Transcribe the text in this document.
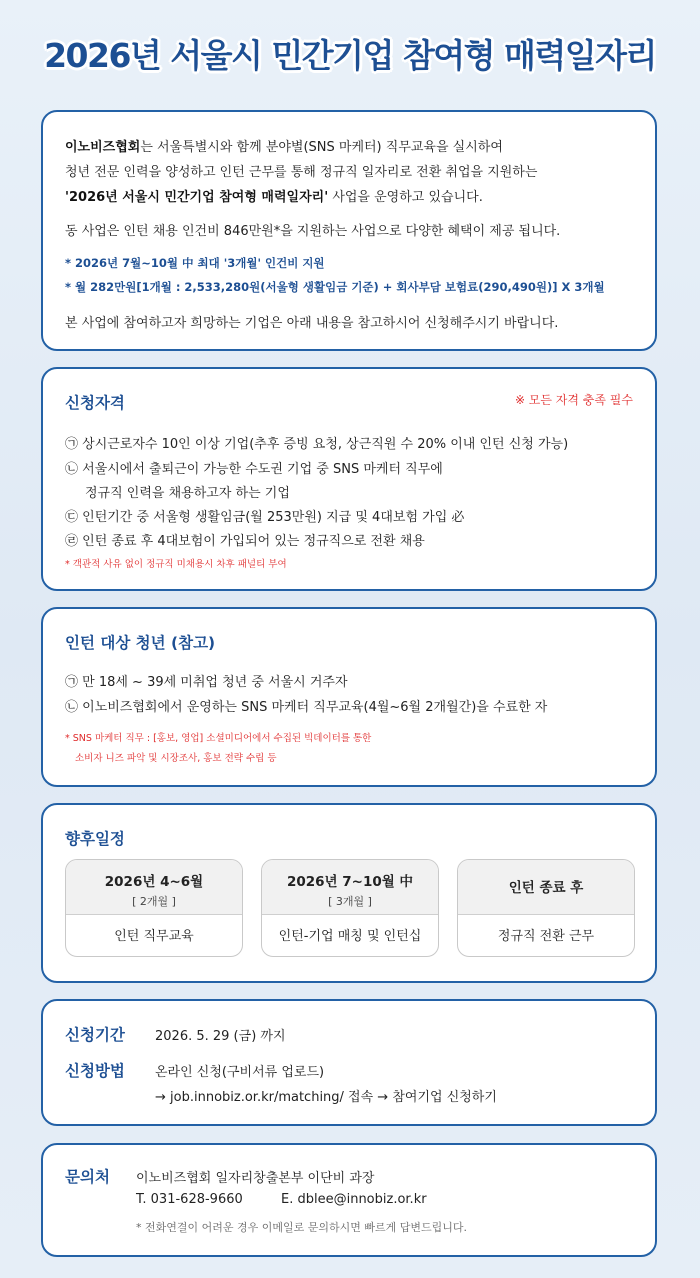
2026년 서울시 민간기업 참여형 매력일자리
이노비즈협회는 서울특별시와 함께 분야별(SNS 마케터) 직무교육을 실시하여
청년 전문 인력을 양성하고 인턴 근무를 통해 정규직 일자리로 전환 취업을 지원하는
'2026년 서울시 민간기업 참여형 매력일자리' 사업을 운영하고 있습니다.
동 사업은 인턴 채용 인건비 846만원*을 지원하는 사업으로 다양한 혜택이 제공 됩니다.
* 2026년 7월~10월 中 최대 '3개월' 인건비 지원
* 월 282만원[1개월 : 2,533,280원(서울형 생활임금 기준) + 회사부담 보험료(290,490원)] X 3개월
본 사업에 참여하고자 희망하는 기업은 아래 내용을 참고하시어 신청해주시기 바랍니다.
신청자격	※ 모든 자격 충족 필수
㉠ 상시근로자수 10인 이상 기업(추후 증빙 요청, 상근직원 수 20% 이내 인턴 신청 가능)
㉡ 서울시에서 출퇴근이 가능한 수도권 기업 중 SNS 마케터 직무에
정규직 인력을 채용하고자 하는 기업
㉢ 인턴기간 중 서울형 생활임금(월 253만원) 지급 및 4대보험 가입 必
㉣ 인턴 종료 후 4대보험이 가입되어 있는 정규직으로 전환 채용
* 객관적 사유 없이 정규직 미채용시 차후 패널티 부여
인턴 대상 청년 (참고)
㉠ 만 18세 ~ 39세 미취업 청년 중 서울시 거주자
㉡ 이노비즈협회에서 운영하는 SNS 마케터 직무교육(4월~6월 2개월간)을 수료한 자
* SNS 마케터 직무 : [홍보, 영업] 소셜미디어에서 수집된 빅데이터를 통한
소비자 니즈 파악 및 시장조사, 홍보 전략 수립 등
향후일정
2026년 4~6월
[ 2개월 ]
인턴 직무교육
2026년 7~10월 中
[ 3개월 ]
인턴-기업 매칭 및 인턴십
인턴 종료 후
정규직 전환 근무
신청기간 2026. 5. 29 (금) 까지
신청방법 온라인 신청(구비서류 업로드)
→ job.innobiz.or.kr/matching/ 접속 → 참여기업 신청하기
문의처 이노비즈협회 일자리창출본부 이단비 과장
T. 031-628-9660	E. dblee@innobiz.or.kr
* 전화연결이 어려운 경우 이메일로 문의하시면 빠르게 답변드립니다.
